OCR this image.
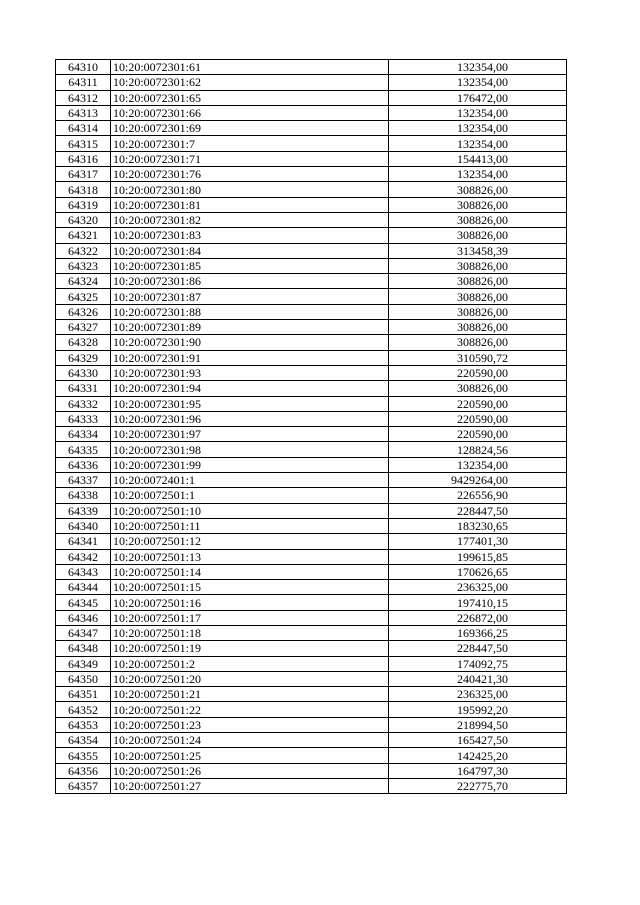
64310	10:20:0072301:61	132354,00
64311	10:20:0072301:62	132354,00
64312	10:20:0072301:65	176472,00
64313	10:20:0072301:66	132354,00
64314	10:20:0072301:69	132354,00
64315	10:20:0072301:7	132354,00
64316	10:20:0072301:71	154413,00
64317	10:20:0072301:76	132354,00
64318	10:20:0072301:80	308826,00
64319	10:20:0072301:81	308826,00
64320	10:20:0072301:82	308826,00
64321	10:20:0072301:83	308826,00
64322	10:20:0072301:84	313458,39
64323	10:20:0072301:85	308826,00
64324	10:20:0072301:86	308826,00
64325	10:20:0072301:87	308826,00
64326	10:20:0072301:88	308826,00
64327	10:20:0072301:89	308826,00
64328	10:20:0072301:90	308826,00
64329	10:20:0072301:91	310590,72
64330	10:20:0072301:93	220590,00
64331	10:20:0072301:94	308826,00
64332	10:20:0072301:95	220590,00
64333	10:20:0072301:96	220590,00
64334	10:20:0072301:97	220590,00
64335	10:20:0072301:98	128824,56
64336	10:20:0072301:99	132354,00
64337	10:20:0072401:1	9429264,00
64338	10:20:0072501:1	226556,90
64339	10:20:0072501:10	228447,50
64340	10:20:0072501:11	183230,65
64341	10:20:0072501:12	177401,30
64342	10:20:0072501:13	199615,85
64343	10:20:0072501:14	170626,65
64344	10:20:0072501:15	236325,00
64345	10:20:0072501:16	197410,15
64346	10:20:0072501:17	226872,00
64347	10:20:0072501:18	169366,25
64348	10:20:0072501:19	228447,50
64349	10:20:0072501:2	174092,75
64350	10:20:0072501:20	240421,30
64351	10:20:0072501:21	236325,00
64352	10:20:0072501:22	195992,20
64353	10:20:0072501:23	218994,50
64354	10:20:0072501:24	165427,50
64355	10:20:0072501:25	142425,20
64356	10:20:0072501:26	164797,30
64357	10:20:0072501:27	222775,70
